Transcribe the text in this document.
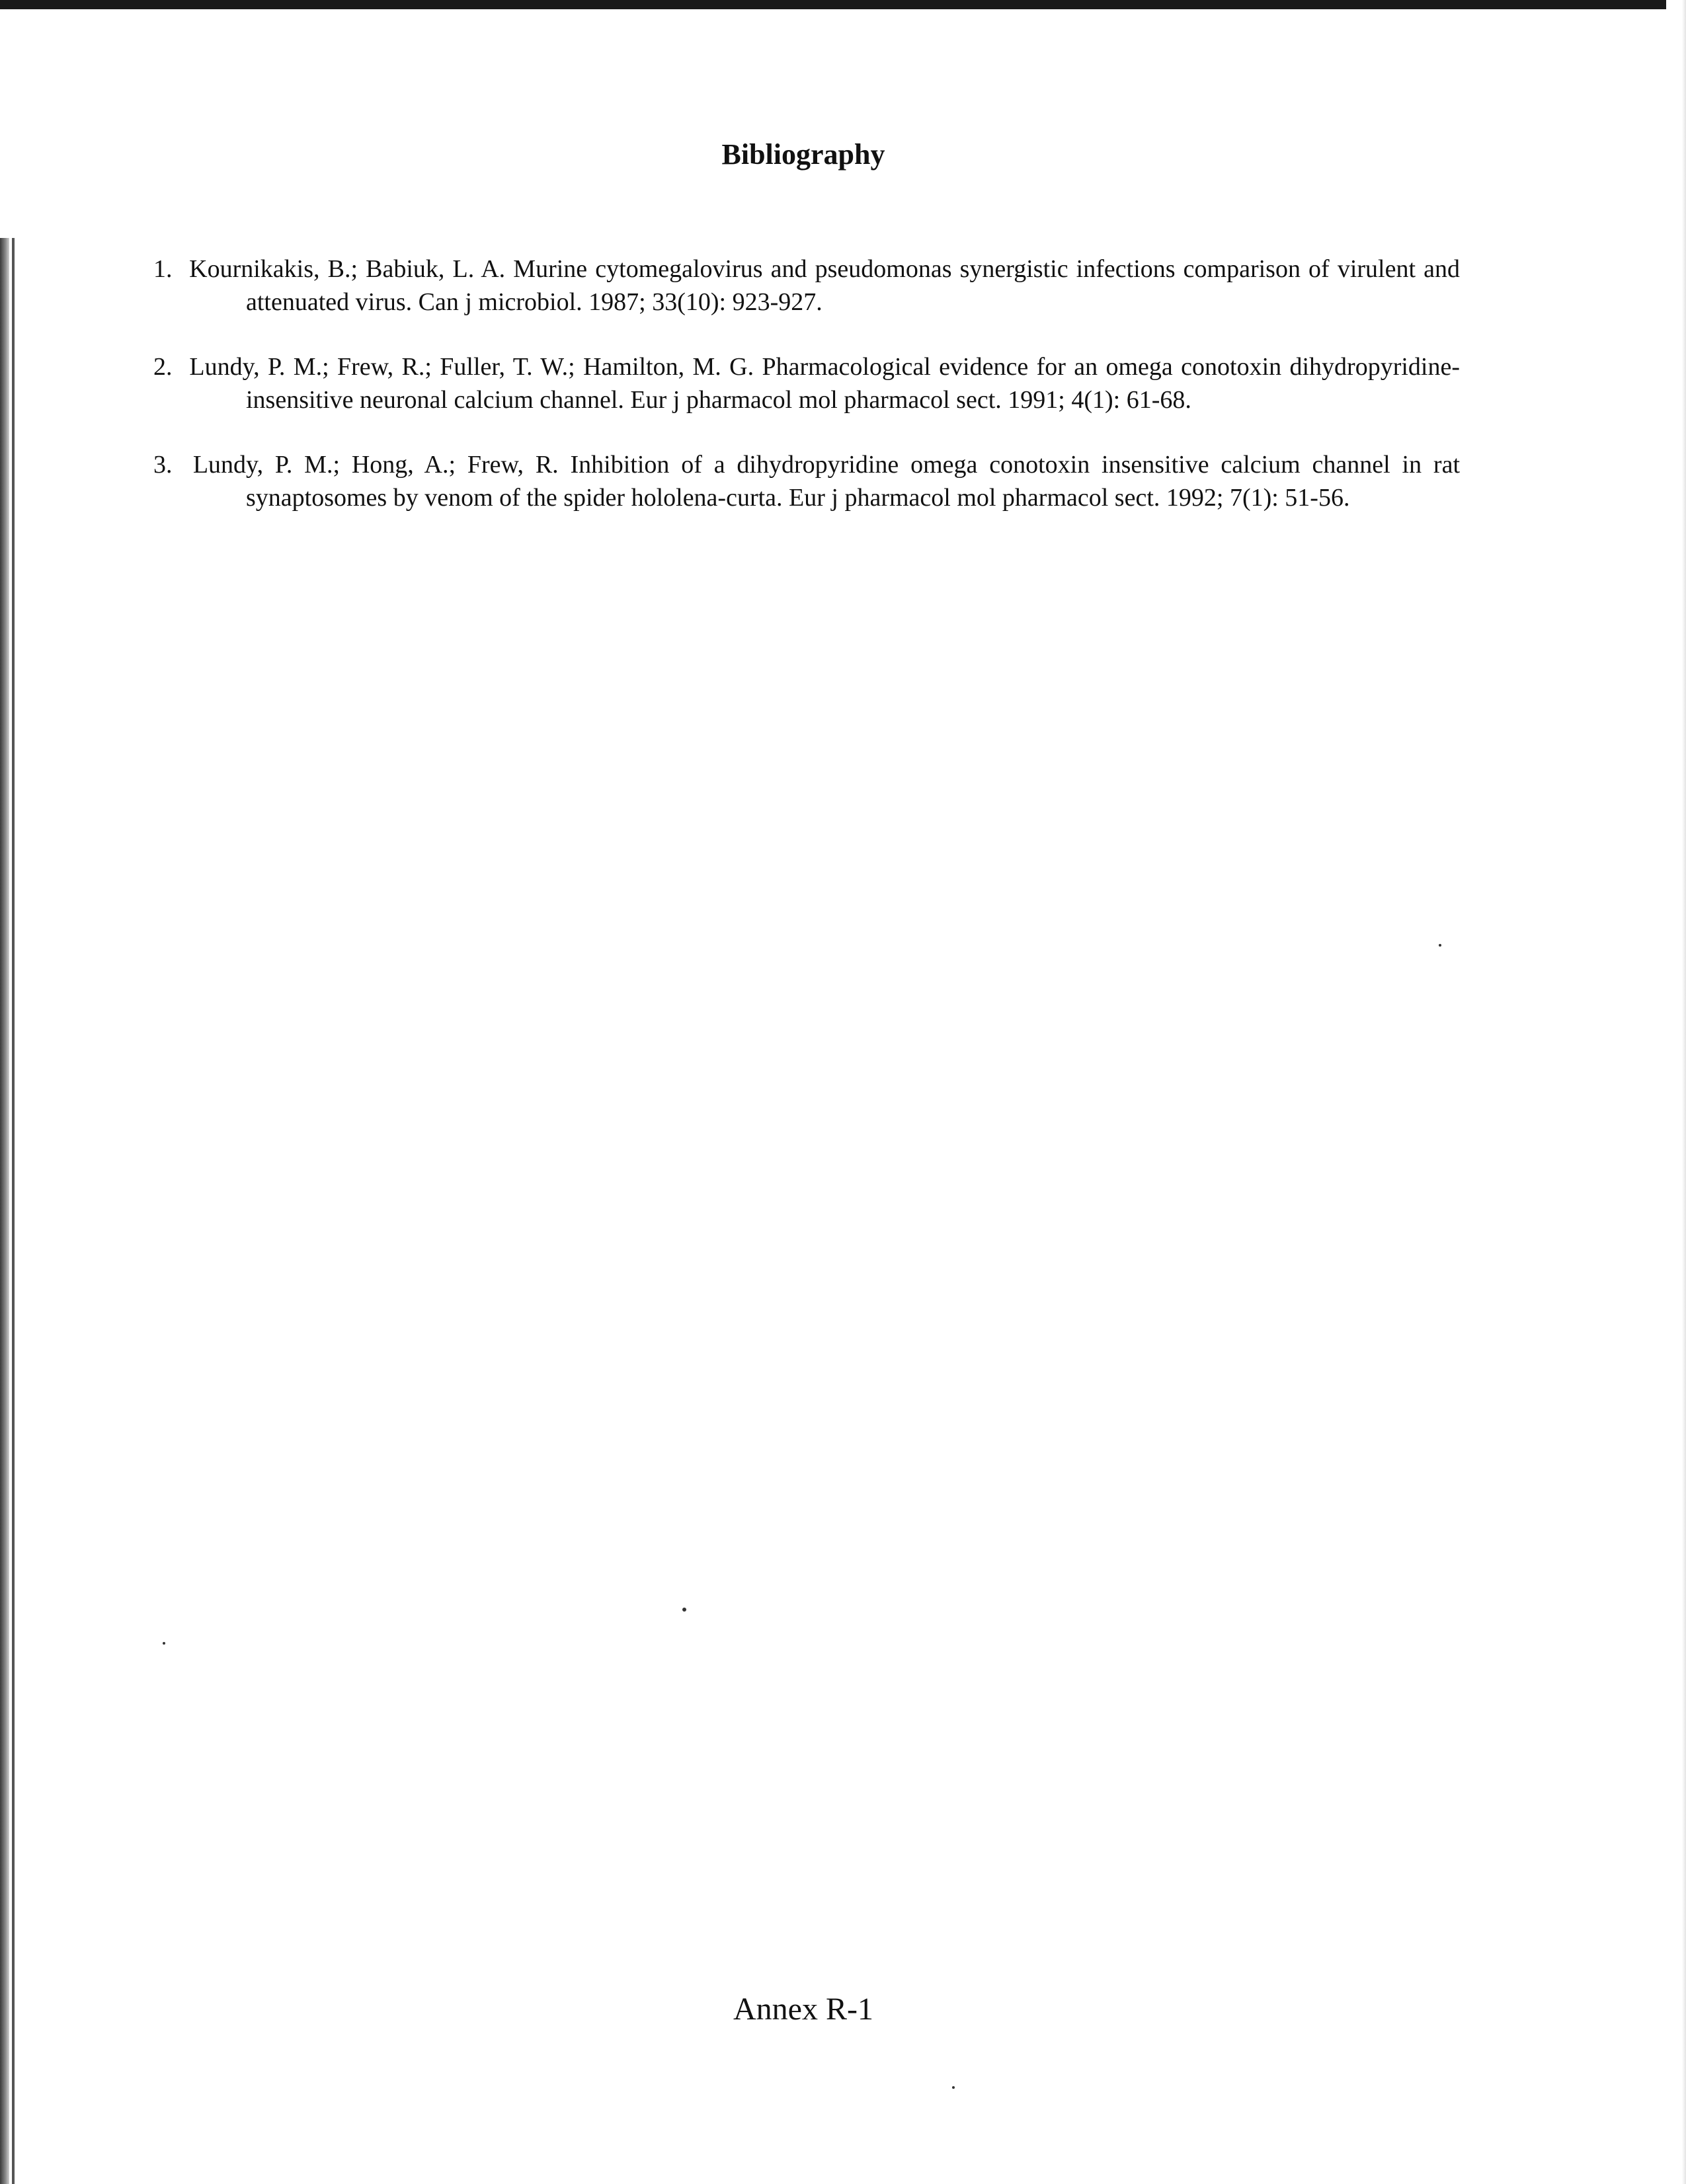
Bibliography
1. Kournikakis, B.; Babiuk, L. A. Murine cytomegalovirus and pseudomonas synergistic infections comparison of virulent and attenuated virus. Can j microbiol. 1987; 33(10): 923-927.
2. Lundy, P. M.; Frew, R.; Fuller, T. W.; Hamilton, M. G. Pharmacological evidence for an omega conotoxin dihydropyridine- insensitive neuronal calcium channel. Eur j pharmacol mol pharmacol sect. 1991; 4(1): 61-68.
3. Lundy, P. M.; Hong, A.; Frew, R. Inhibition of a dihydropyridine omega conotoxin insensitive calcium channel in rat synaptosomes by venom of the spider hololena-curta. Eur j pharmacol mol pharmacol sect. 1992; 7(1): 51-56.
Annex R-1
